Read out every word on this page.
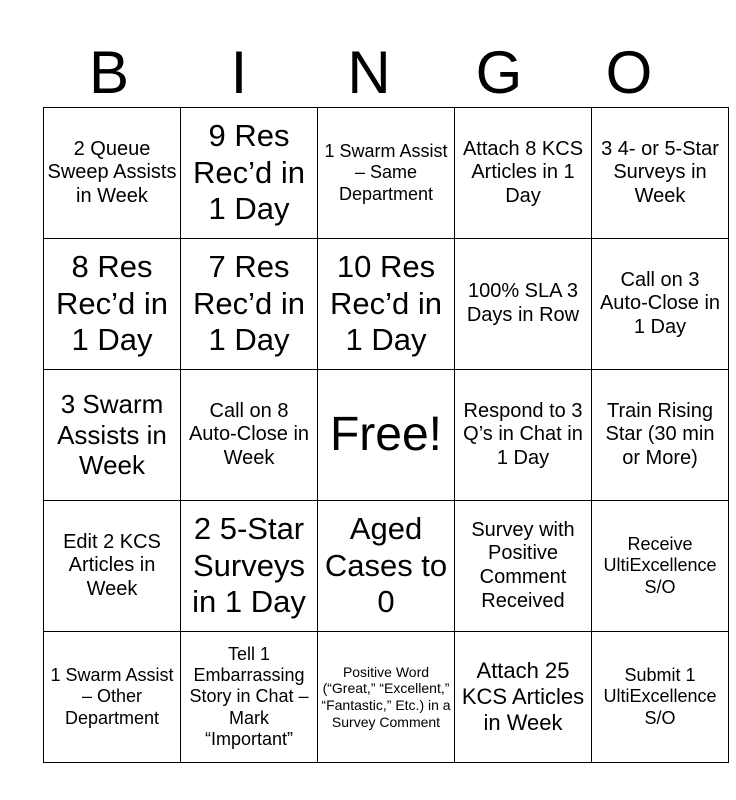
B	I	N	G	O
2 Queue Sweep Assists in Week	9 Res Rec’d in 1 Day	1 Swarm Assist – Same Department	Attach 8 KCS Articles in 1 Day	3 4- or 5-Star Surveys in Week
8 Res Rec’d in 1 Day	7 Res Rec’d in 1 Day	10 Res Rec’d in 1 Day	100% SLA 3 Days in Row	Call on 3 Auto-Close in 1 Day
3 Swarm Assists in Week	Call on 8 Auto-Close in Week	Free!	Respond to 3 Q’s in Chat in 1 Day	Train Rising Star (30 min or More)
Edit 2 KCS Articles in Week	2 5-Star Surveys in 1 Day	Aged Cases to 0	Survey with Positive Comment Received	Receive UltiExcellence S/O
1 Swarm Assist – Other Department	Tell 1 Embarrassing Story in Chat – Mark “Important”	Positive Word (“Great,” “Excellent,” “Fantastic,” Etc.) in a Survey Comment	Attach 25 KCS Articles in Week	Submit 1 UltiExcellence S/O
